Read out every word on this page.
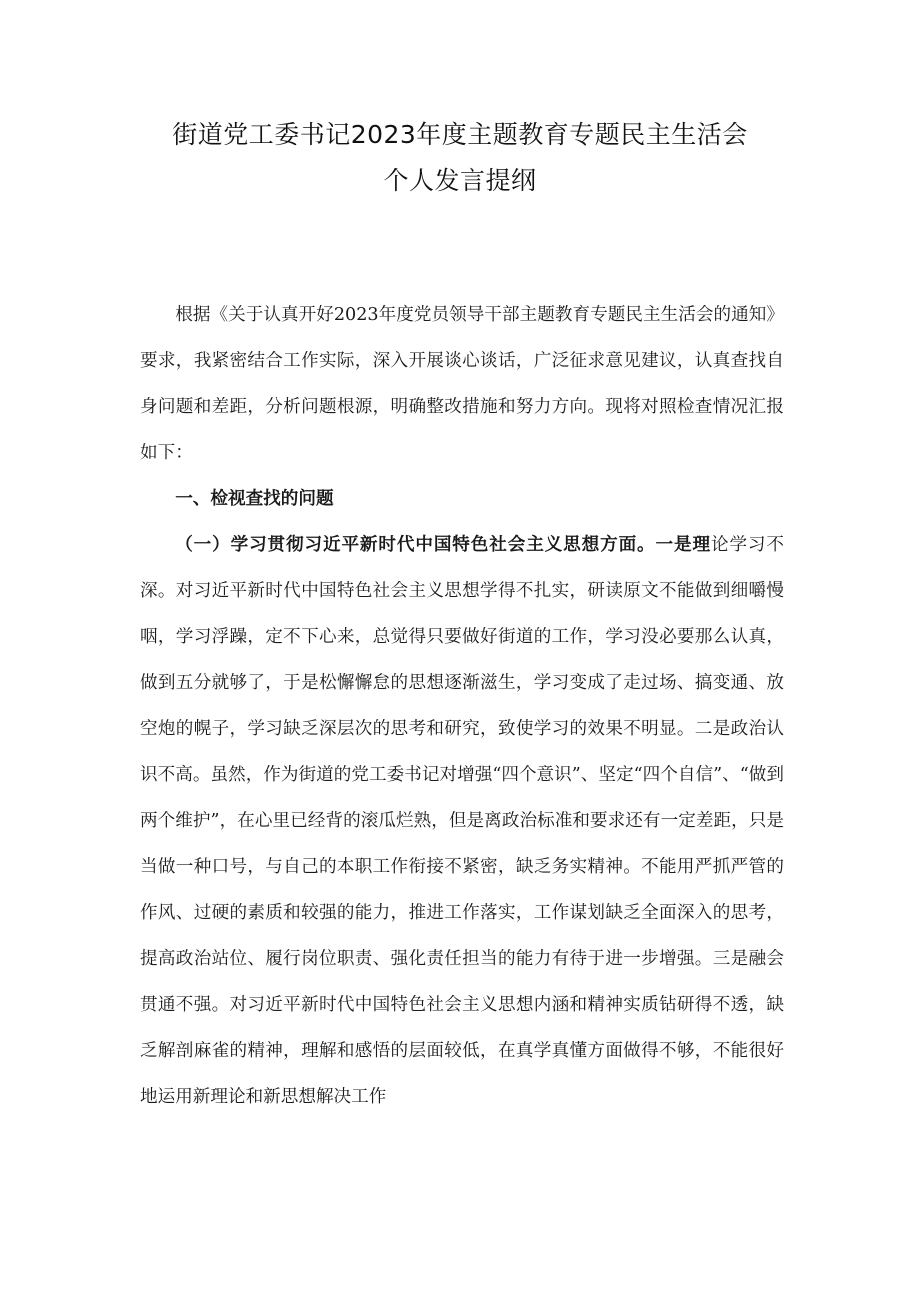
街道党工委书记2023年度主题教育专题民主生活会
个人发言提纲

根据《关于认真开好2023年度党员领导干部主题教育专题民主生活会的通知》要求，我紧密结合工作实际，深入开展谈心谈话，广泛征求意见建议，认真查找自身问题和差距，分析问题根源，明确整改措施和努力方向。现将对照检查情况汇报如下：

一、检视查找的问题

（一）学习贯彻习近平新时代中国特色社会主义思想方面。一是理论学习不深。对习近平新时代中国特色社会主义思想学得不扎实，研读原文不能做到细嚼慢咽，学习浮躁，定不下心来，总觉得只要做好街道的工作，学习没必要那么认真，做到五分就够了，于是松懈懈怠的思想逐渐滋生，学习变成了走过场、搞变通、放空炮的幌子，学习缺乏深层次的思考和研究，致使学习的效果不明显。二是政治认识不高。虽然，作为街道的党工委书记对增强“四个意识”、坚定“四个自信”、“做到两个维护”，在心里已经背的滚瓜烂熟，但是离政治标准和要求还有一定差距，只是当做一种口号，与自己的本职工作衔接不紧密，缺乏务实精神。不能用严抓严管的作风、过硬的素质和较强的能力，推进工作落实，工作谋划缺乏全面深入的思考，提高政治站位、履行岗位职责、强化责任担当的能力有待于进一步增强。三是融会贯通不强。对习近平新时代中国特色社会主义思想内涵和精神实质钻研得不透，缺乏解剖麻雀的精神，理解和感悟的层面较低，在真学真懂方面做得不够，不能很好地运用新理论和新思想解决工作
